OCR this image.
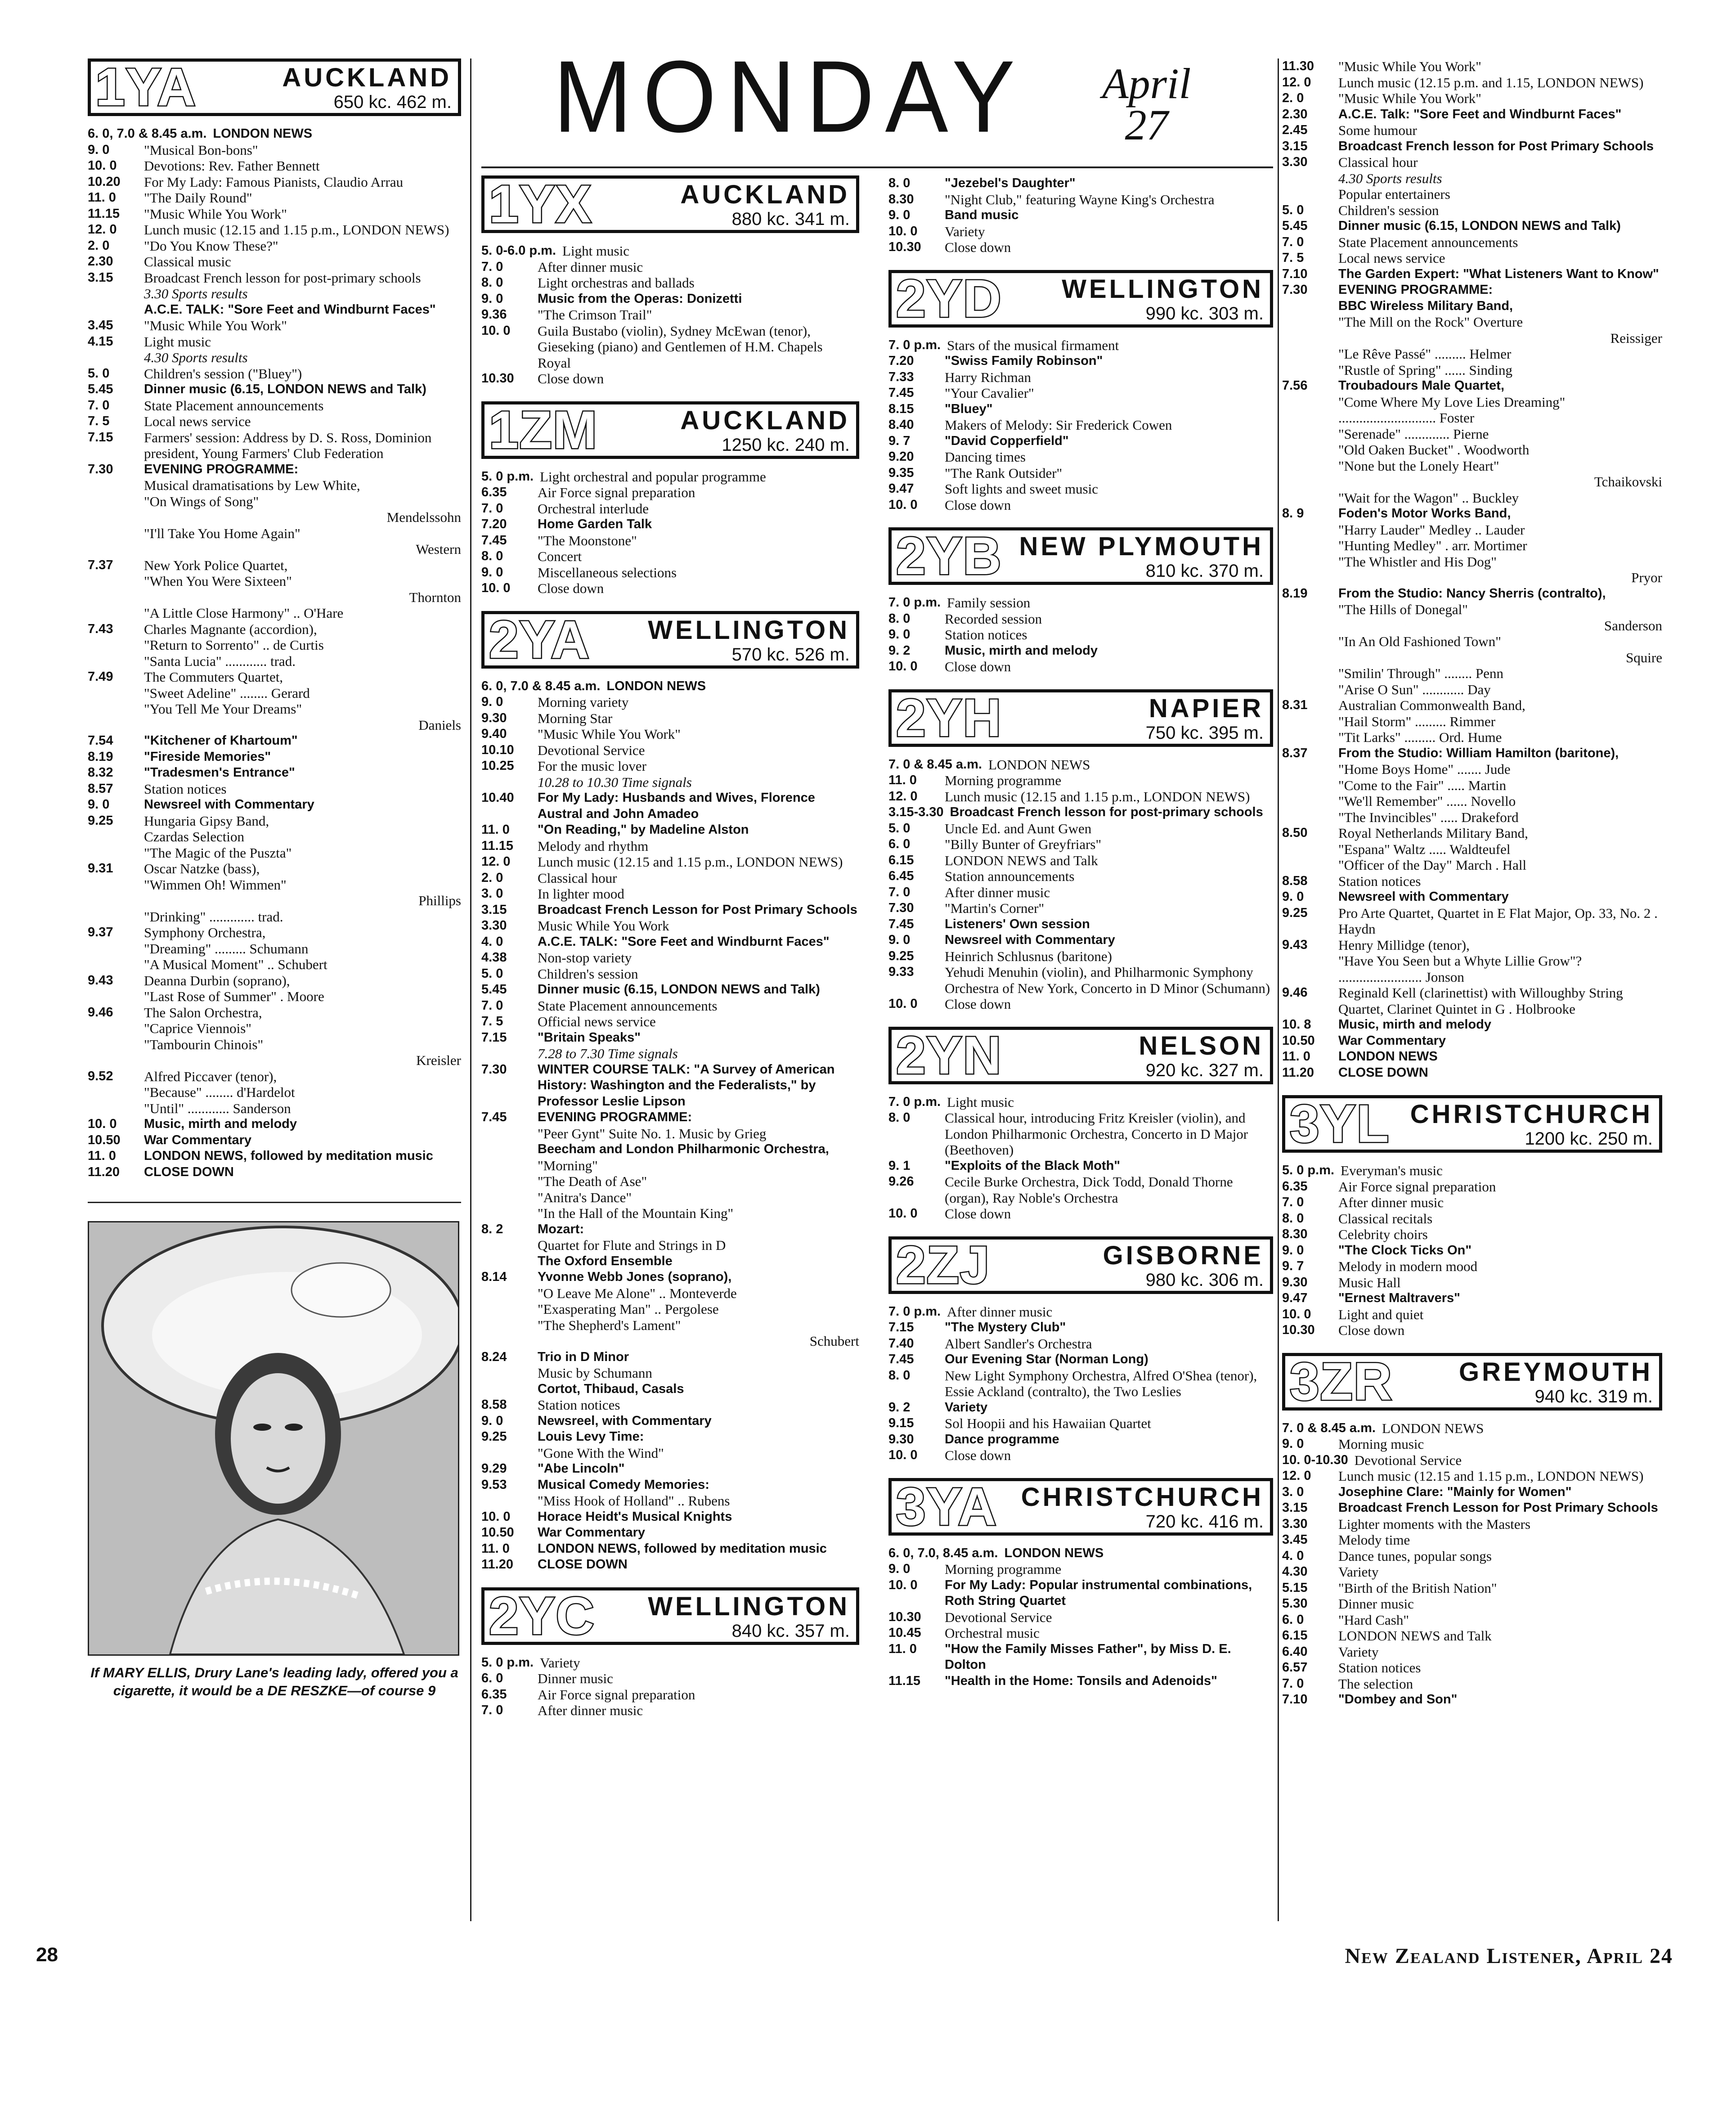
MONDAY April
27
1YA	AUCKLAND
650 kc. 462 m.
6. 0, 7.0 & 8.45 a.m. LONDON NEWS
9. 0	"Musical Bon-bons"
10. 0	Devotions: Rev. Father Bennett
10.20	For My Lady: Famous Pianists, Claudio Arrau
11. 0	"The Daily Round"
11.15	"Music While You Work"
12. 0	Lunch music (12.15 and 1.15 p.m., LONDON NEWS)
2. 0	"Do You Know These?"
2.30	Classical music
3.15	Broadcast French lesson for post-primary schools
3.30 Sports results
A.C.E. TALK: "Sore Feet and Windburnt Faces"
3.45	"Music While You Work"
4.15	Light music
4.30 Sports results
5. 0	Children's session ("Bluey")
5.45	Dinner music (6.15, LONDON NEWS and Talk)
7. 0	State Placement announcements
7. 5	Local news service
7.15	Farmers' session: Address by D. S. Ross, Dominion president, Young Farmers' Club Federation
7.30	EVENING PROGRAMME:
Musical dramatisations by Lew White,
"On Wings of Song"
Mendelssohn
"I'll Take You Home Again"
Western
7.37	New York Police Quartet,
"When You Were Sixteen"
Thornton
"A Little Close Harmony" .. O'Hare
7.43	Charles Magnante (accordion),
"Return to Sorrento" .. de Curtis
"Santa Lucia" ............ trad.
7.49	The Commuters Quartet,
"Sweet Adeline" ........ Gerard
"You Tell Me Your Dreams"
Daniels
7.54	"Kitchener of Khartoum"
8.19	"Fireside Memories"
8.32	"Tradesmen's Entrance"
8.57	Station notices
9. 0	Newsreel with Commentary
9.25	Hungaria Gipsy Band,
Czardas Selection
"The Magic of the Puszta"
9.31	Oscar Natzke (bass),
"Wimmen Oh! Wimmen"
Phillips
"Drinking" ............. trad.
9.37	Symphony Orchestra,
"Dreaming" ......... Schumann
"A Musical Moment" .. Schubert
9.43	Deanna Durbin (soprano),
"Last Rose of Summer" . Moore
9.46	The Salon Orchestra,
"Caprice Viennois"
"Tambourin Chinois"
Kreisler
9.52	Alfred Piccaver (tenor),
"Because" ........ d'Hardelot
"Until" ............ Sanderson
10. 0	Music, mirth and melody
10.50	War Commentary
11. 0	LONDON NEWS, followed by meditation music
11.20	CLOSE DOWN
If MARY ELLIS, Drury Lane's leading lady, offered you a cigarette, it would be a DE RESZKE—of course 9
1YX	AUCKLAND
880 kc. 341 m.
5. 0-6.0 p.m. Light music
7. 0	After dinner music
8. 0	Light orchestras and ballads
9. 0	Music from the Operas: Donizetti
9.36	"The Crimson Trail"
10. 0	Guila Bustabo (violin), Sydney McEwan (tenor), Gieseking (piano) and Gentlemen of H.M. Chapels Royal
10.30	Close down
1ZM	AUCKLAND
1250 kc. 240 m.
5. 0 p.m. Light orchestral and popular programme
6.35	Air Force signal preparation
7. 0	Orchestral interlude
7.20	Home Garden Talk
7.45	"The Moonstone"
8. 0	Concert
9. 0	Miscellaneous selections
10. 0	Close down
2YA WELLINGTON
570 kc. 526 m.
6. 0, 7.0 & 8.45 a.m. LONDON NEWS
9. 0	Morning variety
9.30	Morning Star
9.40	"Music While You Work"
10.10	Devotional Service
10.25	For the music lover
10.28 to 10.30 Time signals
10.40	For My Lady: Husbands and Wives, Florence Austral and John Amadeo
11. 0	"On Reading," by Madeline Alston
11.15	Melody and rhythm
12. 0	Lunch music (12.15 and 1.15 p.m., LONDON NEWS)
2. 0	Classical hour
3. 0	In lighter mood
3.15	Broadcast French Lesson for Post Primary Schools
3.30	Music While You Work
4. 0	A.C.E. TALK: "Sore Feet and Windburnt Faces"
4.38	Non-stop variety
5. 0	Children's session
5.45	Dinner music (6.15, LONDON NEWS and Talk)
7. 0	State Placement announcements
7. 5	Official news service
7.15	"Britain Speaks"
7.28 to 7.30 Time signals
7.30	WINTER COURSE TALK: "A Survey of American History: Washington and the Federalists," by Professor Leslie Lipson
7.45	EVENING PROGRAMME:
"Peer Gynt" Suite No. 1. Music by Grieg
Beecham and London Philharmonic Orchestra,
"Morning"
"The Death of Ase"
"Anitra's Dance"
"In the Hall of the Mountain King"
8. 2	Mozart:
Quartet for Flute and Strings in D
The Oxford Ensemble
8.14	Yvonne Webb Jones (soprano),
"O Leave Me Alone" .. Monteverde
"Exasperating Man" .. Pergolese
"The Shepherd's Lament"
Schubert
8.24	Trio in D Minor
Music by Schumann
Cortot, Thibaud, Casals
8.58	Station notices
9. 0	Newsreel, with Commentary
9.25	Louis Levy Time:
"Gone With the Wind"
9.29	"Abe Lincoln"
9.53	Musical Comedy Memories:
"Miss Hook of Holland" .. Rubens
10. 0	Horace Heidt's Musical Knights
10.50	War Commentary
11. 0	LONDON NEWS, followed by meditation music
11.20	CLOSE DOWN
2YC WELLINGTON
840 kc. 357 m.
5. 0 p.m. Variety
6. 0	Dinner music
6.35	Air Force signal preparation
7. 0	After dinner music
8. 0	"Jezebel's Daughter"
8.30	"Night Club," featuring Wayne King's Orchestra
9. 0	Band music
10. 0	Variety
10.30	Close down
2YD WELLINGTON
990 kc. 303 m.
7. 0 p.m. Stars of the musical firmament
7.20	"Swiss Family Robinson"
7.33	Harry Richman
7.45	"Your Cavalier"
8.15	"Bluey"
8.40	Makers of Melody: Sir Frederick Cowen
9. 7	"David Copperfield"
9.20	Dancing times
9.35	"The Rank Outsider"
9.47	Soft lights and sweet music
10. 0	Close down
2YB NEW PLYMOUTH
810 kc. 370 m.
7. 0 p.m. Family session
8. 0	Recorded session
9. 0	Station notices
9. 2	Music, mirth and melody
10. 0	Close down
2YH	NAPIER
750 kc. 395 m.
7. 0 & 8.45 a.m. LONDON NEWS
11. 0	Morning programme
12. 0	Lunch music (12.15 and 1.15 p.m., LONDON NEWS)
3.15-3.30 Broadcast French lesson for post-primary schools
5. 0	Uncle Ed. and Aunt Gwen
6. 0	"Billy Bunter of Greyfriars"
6.15	LONDON NEWS and Talk
6.45	Station announcements
7. 0	After dinner music
7.30	"Martin's Corner"
7.45	Listeners' Own session
9. 0	Newsreel with Commentary
9.25	Heinrich Schlusnus (baritone)
9.33	Yehudi Menuhin (violin), and Philharmonic Symphony Orchestra of New York, Concerto in D Minor (Schumann)
10. 0	Close down
2YN	NELSON
920 kc. 327 m.
7. 0 p.m. Light music
8. 0	Classical hour, introducing Fritz Kreisler (violin), and London Philharmonic Orchestra, Concerto in D Major (Beethoven)
9. 1	"Exploits of the Black Moth"
9.26	Cecile Burke Orchestra, Dick Todd, Donald Thorne (organ), Ray Noble's Orchestra
10. 0	Close down
2ZJ	GISBORNE
980 kc. 306 m.
7. 0 p.m. After dinner music
7.15	"The Mystery Club"
7.40	Albert Sandler's Orchestra
7.45	Our Evening Star (Norman Long)
8. 0	New Light Symphony Orchestra, Alfred O'Shea (tenor), Essie Ackland (contralto), the Two Leslies
9. 2	Variety
9.15	Sol Hoopii and his Hawaiian Quartet
9.30	Dance programme
10. 0	Close down
3YA CHRISTCHURCH
720 kc. 416 m.
6. 0, 7.0, 8.45 a.m. LONDON NEWS
9. 0	Morning programme
10. 0	For My Lady: Popular instrumental combinations, Roth String Quartet
10.30	Devotional Service
10.45	Orchestral music
11. 0	"How the Family Misses Father", by Miss D. E. Dolton
11.15	"Health in the Home: Tonsils and Adenoids"
11.30	"Music While You Work"
12. 0	Lunch music (12.15 p.m. and 1.15, LONDON NEWS)
2. 0	"Music While You Work"
2.30	A.C.E. Talk: "Sore Feet and Windburnt Faces"
2.45	Some humour
3.15	Broadcast French lesson for Post Primary Schools
3.30	Classical hour
4.30 Sports results
Popular entertainers
5. 0	Children's session
5.45	Dinner music (6.15, LONDON NEWS and Talk)
7. 0	State Placement announcements
7. 5	Local news service
7.10	The Garden Expert: "What Listeners Want to Know"
7.30	EVENING PROGRAMME:
BBC Wireless Military Band,
"The Mill on the Rock" Overture
Reissiger
"Le Rêve Passé" ......... Helmer
"Rustle of Spring" ...... Sinding
7.56	Troubadours Male Quartet,
"Come Where My Love Lies Dreaming" ............................ Foster
"Serenade" ............. Pierne
"Old Oaken Bucket" . Woodworth
"None but the Lonely Heart"
Tchaikovski
"Wait for the Wagon" .. Buckley
8. 9	Foden's Motor Works Band,
"Harry Lauder" Medley .. Lauder
"Hunting Medley" . arr. Mortimer
"The Whistler and His Dog"
Pryor
8.19	From the Studio: Nancy Sherris (contralto),
"The Hills of Donegal"
Sanderson
"In An Old Fashioned Town"
Squire
"Smilin' Through" ........ Penn
"Arise O Sun" ............ Day
8.31	Australian Commonwealth Band,
"Hail Storm" ......... Rimmer
"Tit Larks" ......... Ord. Hume
8.37	From the Studio: William Hamilton (baritone),
"Home Boys Home" ....... Jude
"Come to the Fair" ..... Martin
"We'll Remember" ...... Novello
"The Invincibles" ..... Drakeford
8.50	Royal Netherlands Military Band,
"Espana" Waltz ..... Waldteufel
"Officer of the Day" March . Hall
8.58	Station notices
9. 0	Newsreel with Commentary
9.25	Pro Arte Quartet, Quartet in E Flat Major, Op. 33, No. 2 . Haydn
9.43	Henry Millidge (tenor),
"Have You Seen but a Whyte Lillie Grow"? ........................ Jonson
9.46	Reginald Kell (clarinettist) with Willoughby String Quartet, Clarinet Quintet in G . Holbrooke
10. 8	Music, mirth and melody
10.50	War Commentary
11. 0	LONDON NEWS
11.20	CLOSE DOWN
3YL CHRISTCHURCH
1200 kc. 250 m.
5. 0 p.m. Everyman's music
6.35	Air Force signal preparation
7. 0	After dinner music
8. 0	Classical recitals
8.30	Celebrity choirs
9. 0	"The Clock Ticks On"
9. 7	Melody in modern mood
9.30	Music Hall
9.47	"Ernest Maltravers"
10. 0	Light and quiet
10.30	Close down
3ZR	GREYMOUTH
940 kc. 319 m.
7. 0 & 8.45 a.m. LONDON NEWS
9. 0	Morning music
10. 0-10.30 Devotional Service
12. 0	Lunch music (12.15 and 1.15 p.m., LONDON NEWS)
3. 0	Josephine Clare: "Mainly for Women"
3.15	Broadcast French Lesson for Post Primary Schools
3.30	Lighter moments with the Masters
3.45	Melody time
4. 0	Dance tunes, popular songs
4.30	Variety
5.15	"Birth of the British Nation"
5.30	Dinner music
6. 0	"Hard Cash"
6.15	LONDON NEWS and Talk
6.40	Variety
6.57	Station notices
7. 0	The selection
7.10	"Dombey and Son"
28	New Zealand Listener, April 24
